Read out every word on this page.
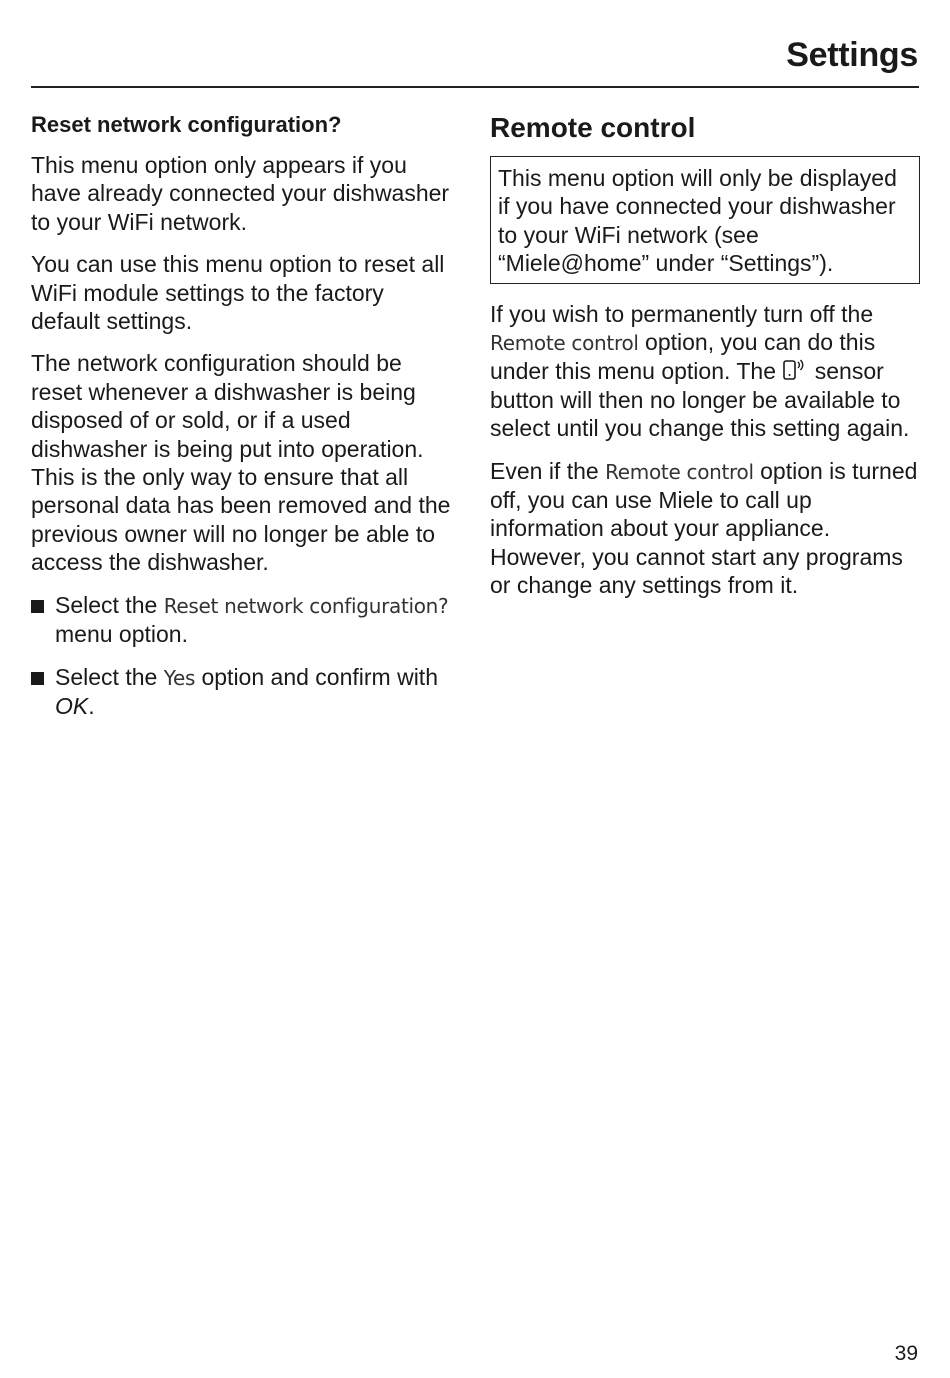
Settings
Reset network configuration?

This menu option only appears if you have already connected your dishwasher to your WiFi network.

You can use this menu option to reset all WiFi module settings to the factory default settings.

The network configuration should be reset whenever a dishwasher is being disposed of or sold, or if a used dishwasher is being put into operation. This is the only way to ensure that all personal data has been removed and the previous owner will no longer be able to access the dishwasher.

Select the Reset network configuration? menu option.
Select the Yes option and confirm with OK.
Remote control

This menu option will only be displayed if you have connected your dishwasher to your WiFi network (see “Miele@home” under “Settings”).

If you wish to permanently turn off the Remote control option, you can do this under this menu option. The  sensor button will then no longer be available to select until you change this setting again.

Even if the Remote control option is turned off, you can use Miele to call up information about your appliance. However, you cannot start any programs or change any settings from it.

39
